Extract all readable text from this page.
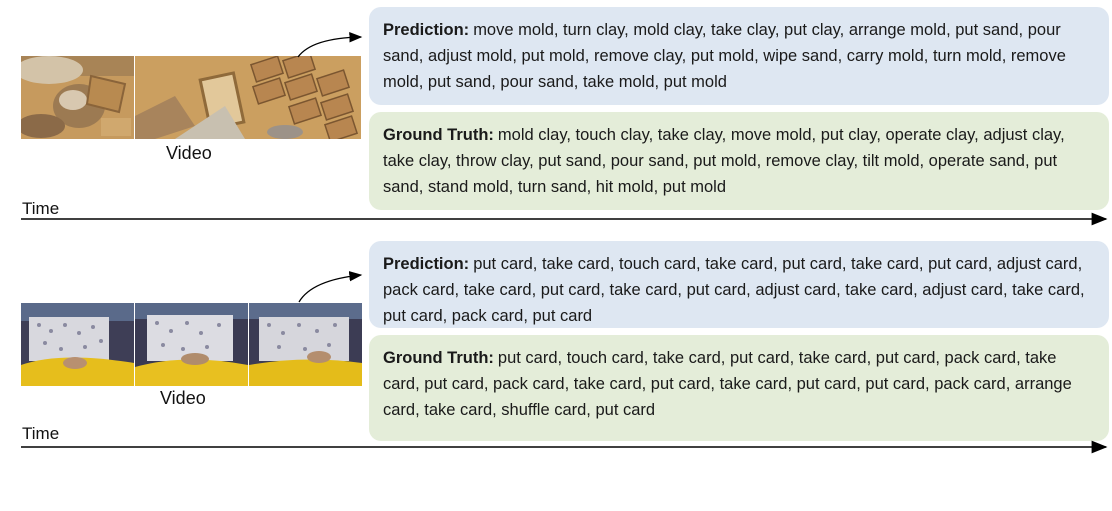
Video
Time
Prediction: move mold, turn clay, mold clay, take clay, put clay, arrange mold, put sand, pour sand, adjust mold, put mold, remove clay, put mold, wipe sand, carry mold, turn mold, remove mold, put sand, pour sand, take mold, put mold
Ground Truth: mold clay, touch clay, take clay, move mold, put clay, operate clay, adjust clay, take clay, throw clay, put sand, pour sand, put mold, remove clay, tilt mold, operate sand, put sand, stand mold, turn sand, hit mold, put mold
Video
Time
Prediction: put card, take card, touch card, take card, put card, take card, put card, adjust card, pack card, take card, put card, take card, put card, adjust card, take card, adjust card, take card, put card, pack card, put card
Ground Truth: put card, touch card, take card, put card, take card, put card, pack card, take card, put card, pack card, take card, put card, take card, put card, put card, pack card, arrange card, take card, shuffle card, put card
